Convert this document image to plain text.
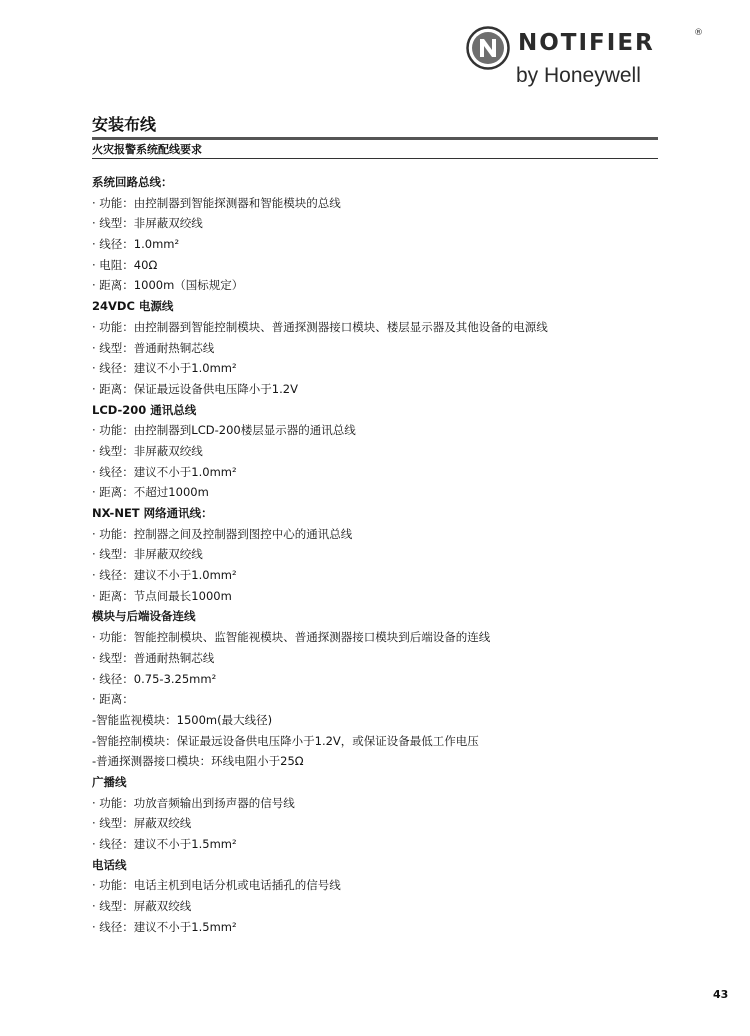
NOTIFIER	®
by Honeywell
安装布线
火灾报警系统配线要求
系统回路总线：
· 功能：由控制器到智能探测器和智能模块的总线
· 线型：非屏蔽双绞线
· 线径：1.0mm²
· 电阻：40Ω
· 距离：1000m（国标规定）
24VDC 电源线
· 功能：由控制器到智能控制模块、普通探测器接口模块、楼层显示器及其他设备的电源线
· 线型：普通耐热铜芯线
· 线径：建议不小于1.0mm²
· 距离：保证最远设备供电压降小于1.2V
LCD-200 通讯总线
· 功能：由控制器到LCD-200楼层显示器的通讯总线
· 线型：非屏蔽双绞线
· 线径：建议不小于1.0mm²
· 距离：不超过1000m
NX-NET 网络通讯线：
· 功能：控制器之间及控制器到图控中心的通讯总线
· 线型：非屏蔽双绞线
· 线径：建议不小于1.0mm²
· 距离：节点间最长1000m
模块与后端设备连线
· 功能：智能控制模块、监智能视模块、普通探测器接口模块到后端设备的连线
· 线型：普通耐热铜芯线
· 线径：0.75-3.25mm²
· 距离：
-智能监视模块：1500m(最大线径)
-智能控制模块：保证最远设备供电压降小于1.2V，或保证设备最低工作电压
-普通探测器接口模块：环线电阻小于25Ω
广播线
· 功能：功放音频输出到扬声器的信号线
· 线型：屏蔽双绞线
· 线径：建议不小于1.5mm²
电话线
· 功能：电话主机到电话分机或电话插孔的信号线
· 线型：屏蔽双绞线
· 线径：建议不小于1.5mm²
43
